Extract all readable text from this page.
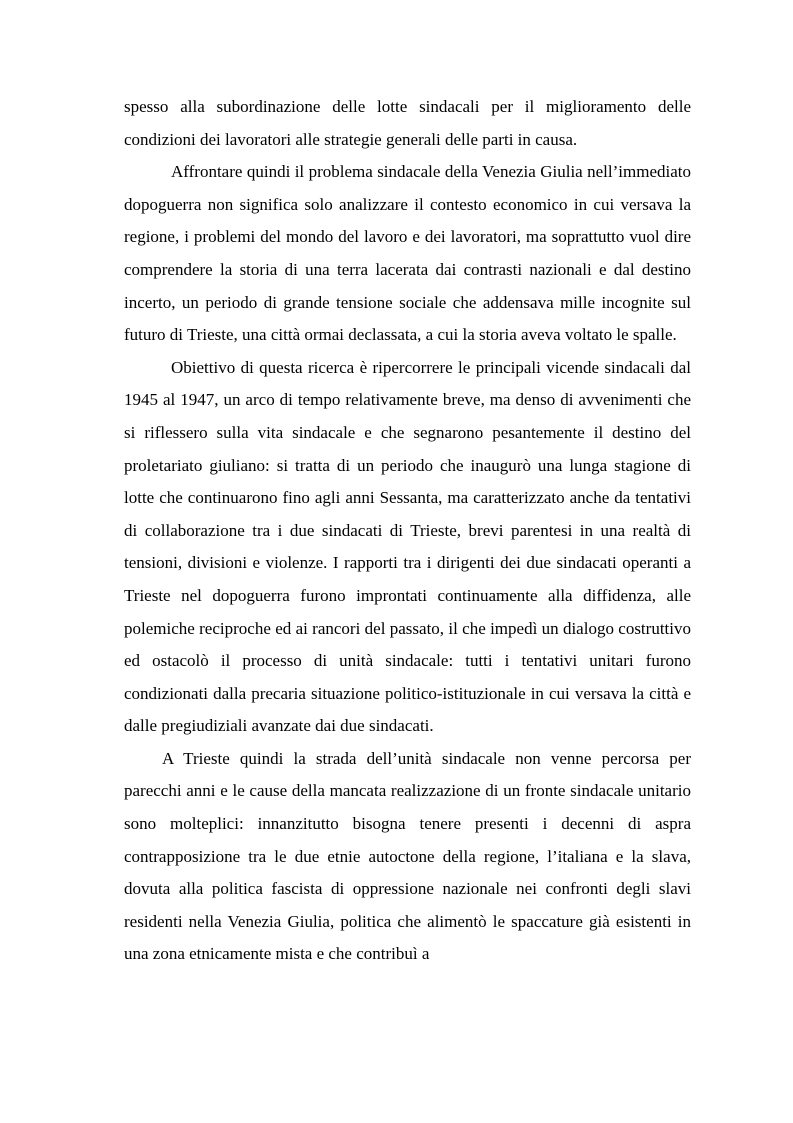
spesso alla subordinazione delle lotte sindacali per il miglioramento delle condizioni dei lavoratori alle strategie generali delle parti in causa.

Affrontare quindi il problema sindacale della Venezia Giulia nell’immediato dopoguerra non significa solo analizzare il contesto economico in cui versava la regione, i problemi del mondo del lavoro e dei lavoratori, ma soprattutto vuol dire comprendere la storia di una terra lacerata dai contrasti nazionali e dal destino incerto, un periodo di grande tensione sociale che addensava mille incognite sul futuro di Trieste, una città ormai declassata, a cui la storia aveva voltato le spalle.

Obiettivo di questa ricerca è ripercorrere le principali vicende sindacali dal 1945 al 1947, un arco di tempo relativamente breve, ma denso di avvenimenti che si riflessero sulla vita sindacale e che segnarono pesantemente il destino del proletariato giuliano: si tratta di un periodo che inaugurò una lunga stagione di lotte che continuarono fino agli anni Sessanta, ma caratterizzato anche da tentativi di collaborazione tra i due sindacati di Trieste, brevi parentesi in una realtà di tensioni, divisioni e violenze. I rapporti tra i dirigenti dei due sindacati operanti a Trieste nel dopoguerra furono improntati continuamente alla diffidenza, alle polemiche reciproche ed ai rancori del passato, il che impedì un dialogo costruttivo ed ostacolò il processo di unità sindacale: tutti i tentativi unitari furono condizionati dalla precaria situazione politico-istituzionale in cui versava la città e dalle pregiudiziali avanzate dai due sindacati.

A Trieste quindi la strada dell’unità sindacale non venne percorsa per parecchi anni e le cause della mancata realizzazione di un fronte sindacale unitario sono molteplici: innanzitutto bisogna tenere presenti i decenni di aspra contrapposizione tra le due etnie autoctone della regione, l’italiana e la slava, dovuta alla politica fascista di oppressione nazionale nei confronti degli slavi residenti nella Venezia Giulia, politica che alimentò le spaccature già esistenti in una zona etnicamente mista e che contribuì a
